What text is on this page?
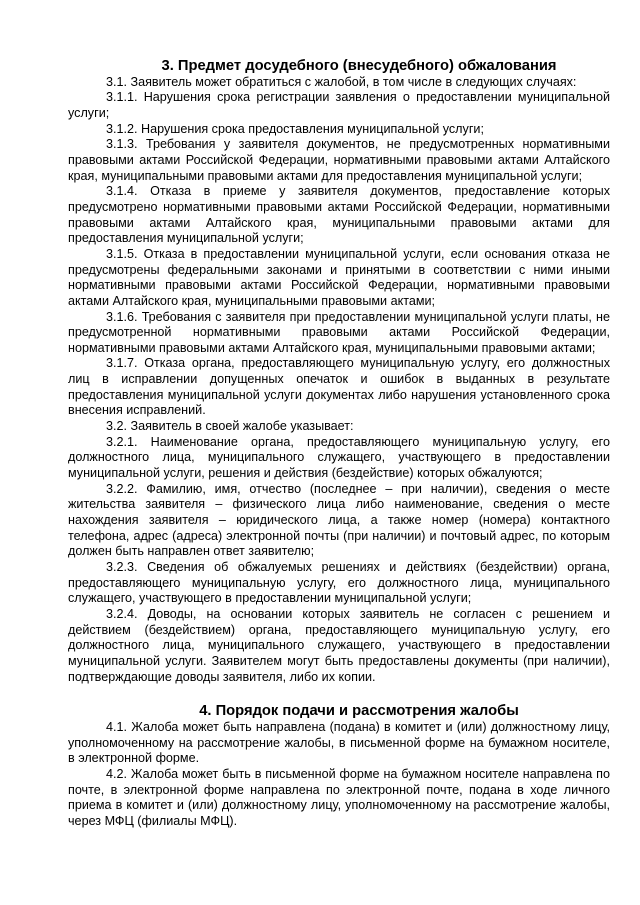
3. Предмет досудебного (внесудебного) обжалования

3.1. Заявитель может обратиться с жалобой, в том числе в следующих случаях:

3.1.1. Нарушения срока регистрации заявления о предоставлении муниципальной услуги;

3.1.2. Нарушения срока предоставления муниципальной услуги;

3.1.3. Требования у заявителя документов, не предусмотренных нормативными правовыми актами Российской Федерации, нормативными правовыми актами Алтайского края, муниципальными правовыми актами для предоставления муниципальной услуги;

3.1.4. Отказа в приеме у заявителя документов, предоставление которых предусмотрено нормативными правовыми актами Российской Федерации, нормативными правовыми актами Алтайского края, муниципальными правовыми актами для предоставления муниципальной услуги;

3.1.5. Отказа в предоставлении муниципальной услуги, если основания отказа не предусмотрены федеральными законами и принятыми в соответствии с ними иными нормативными правовыми актами Российской Федерации, нормативными правовыми актами Алтайского края, муниципальными правовыми актами;

3.1.6. Требования с заявителя при предоставлении муниципальной услуги платы, не предусмотренной нормативными правовыми актами Российской Федерации, нормативными правовыми актами Алтайского края, муниципальными правовыми актами;

3.1.7. Отказа органа, предоставляющего муниципальную услугу, его должностных лиц в исправлении допущенных опечаток и ошибок в выданных в результате предоставления муниципальной услуги документах либо нарушения установленного срока внесения исправлений.

3.2. Заявитель в своей жалобе указывает:

3.2.1. Наименование органа, предоставляющего муниципальную услугу, его должностного лица, муниципального служащего, участвующего в предоставлении муниципальной услуги, решения и действия (бездействие) которых обжалуются;

3.2.2. Фамилию, имя, отчество (последнее – при наличии), сведения о месте жительства заявителя – физического лица либо наименование, сведения о месте нахождения заявителя – юридического лица, а также номер (номера) контактного телефона, адрес (адреса) электронной почты (при наличии) и почтовый адрес, по которым должен быть направлен ответ заявителю;

3.2.3. Сведения об обжалуемых решениях и действиях (бездействии) органа, предоставляющего муниципальную услугу, его должностного лица, муниципального служащего, участвующего в предоставлении муниципальной услуги;

3.2.4. Доводы, на основании которых заявитель не согласен с решением и действием (бездействием) органа, предоставляющего муниципальную услугу, его должностного лица, муниципального служащего, участвующего в предоставлении муниципальной услуги. Заявителем могут быть предоставлены документы (при наличии), подтверждающие доводы заявителя, либо их копии.

4. Порядок подачи и рассмотрения жалобы

4.1. Жалоба может быть направлена (подана) в комитет и (или) должностному лицу, уполномоченному на рассмотрение жалобы, в письменной форме на бумажном носителе, в электронной форме.

4.2. Жалоба может быть в письменной форме на бумажном носителе направлена по почте, в электронной форме направлена по электронной почте, подана в ходе личного приема в комитет и (или) должностному лицу, уполномоченному на рассмотрение жалобы, через МФЦ (филиалы МФЦ).
